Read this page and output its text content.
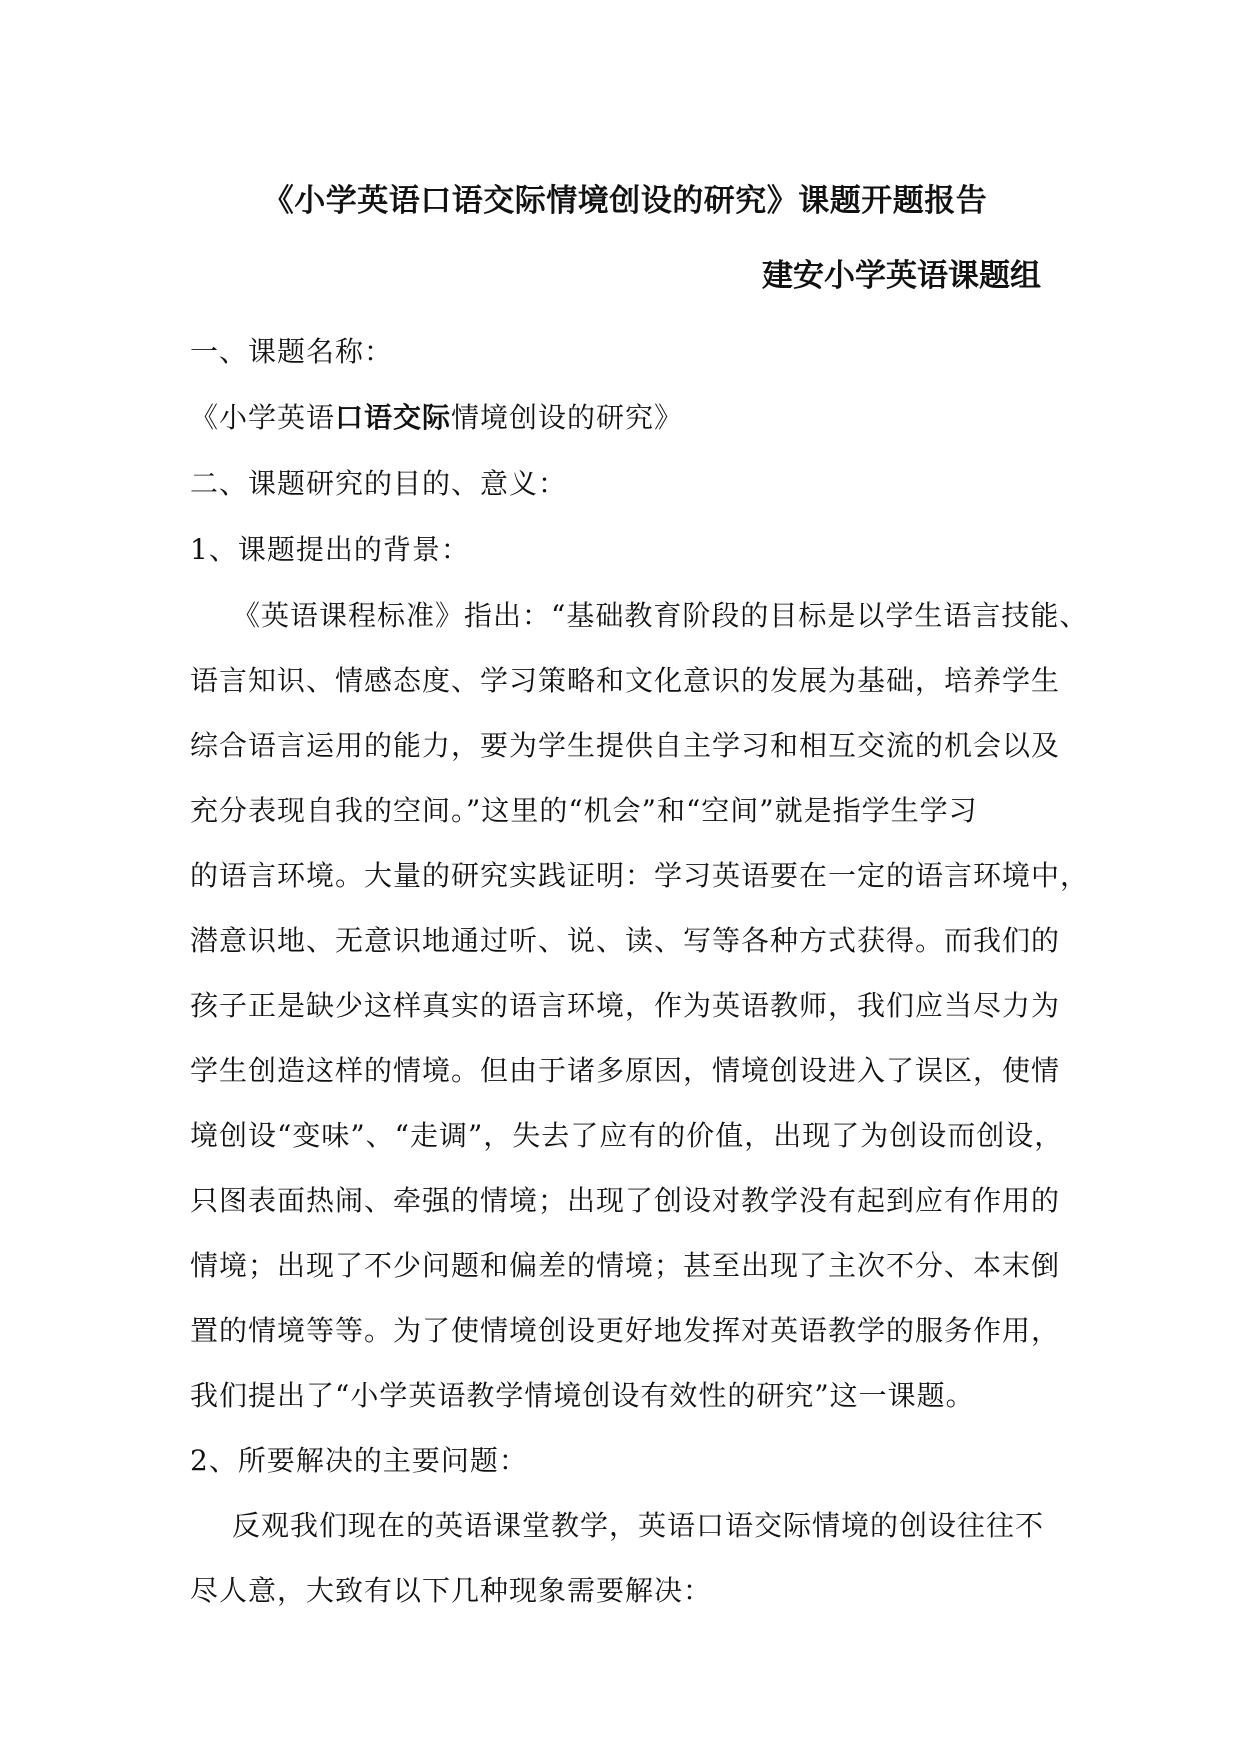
《小学英语口语交际情境创设的研究》课题开题报告
建安小学英语课题组
一、课题名称：
《小学英语口语交际情境创设的研究》
二、课题研究的目的、意义：
1、课题提出的背景：
《英语课程标准》指出：“基础教育阶段的目标是以学生语言技能、
语言知识、情感态度、学习策略和文化意识的发展为基础，培养学生
综合语言运用的能力，要为学生提供自主学习和相互交流的机会以及
充分表现自我的空间。”这里的“机会”和“空间”就是指学生学习
的语言环境。大量的研究实践证明：学习英语要在一定的语言环境中，
潜意识地、无意识地通过听、说、读、写等各种方式获得。而我们的
孩子正是缺少这样真实的语言环境，作为英语教师，我们应当尽力为
学生创造这样的情境。但由于诸多原因，情境创设进入了误区，使情
境创设“变味”、“走调”，失去了应有的价值，出现了为创设而创设，
只图表面热闹、牵强的情境；出现了创设对教学没有起到应有作用的
情境；出现了不少问题和偏差的情境；甚至出现了主次不分、本末倒
置的情境等等。为了使情境创设更好地发挥对英语教学的服务作用，
我们提出了“小学英语教学情境创设有效性的研究”这一课题。
2、所要解决的主要问题：
反观我们现在的英语课堂教学，英语口语交际情境的创设往往不
尽人意，大致有以下几种现象需要解决：
